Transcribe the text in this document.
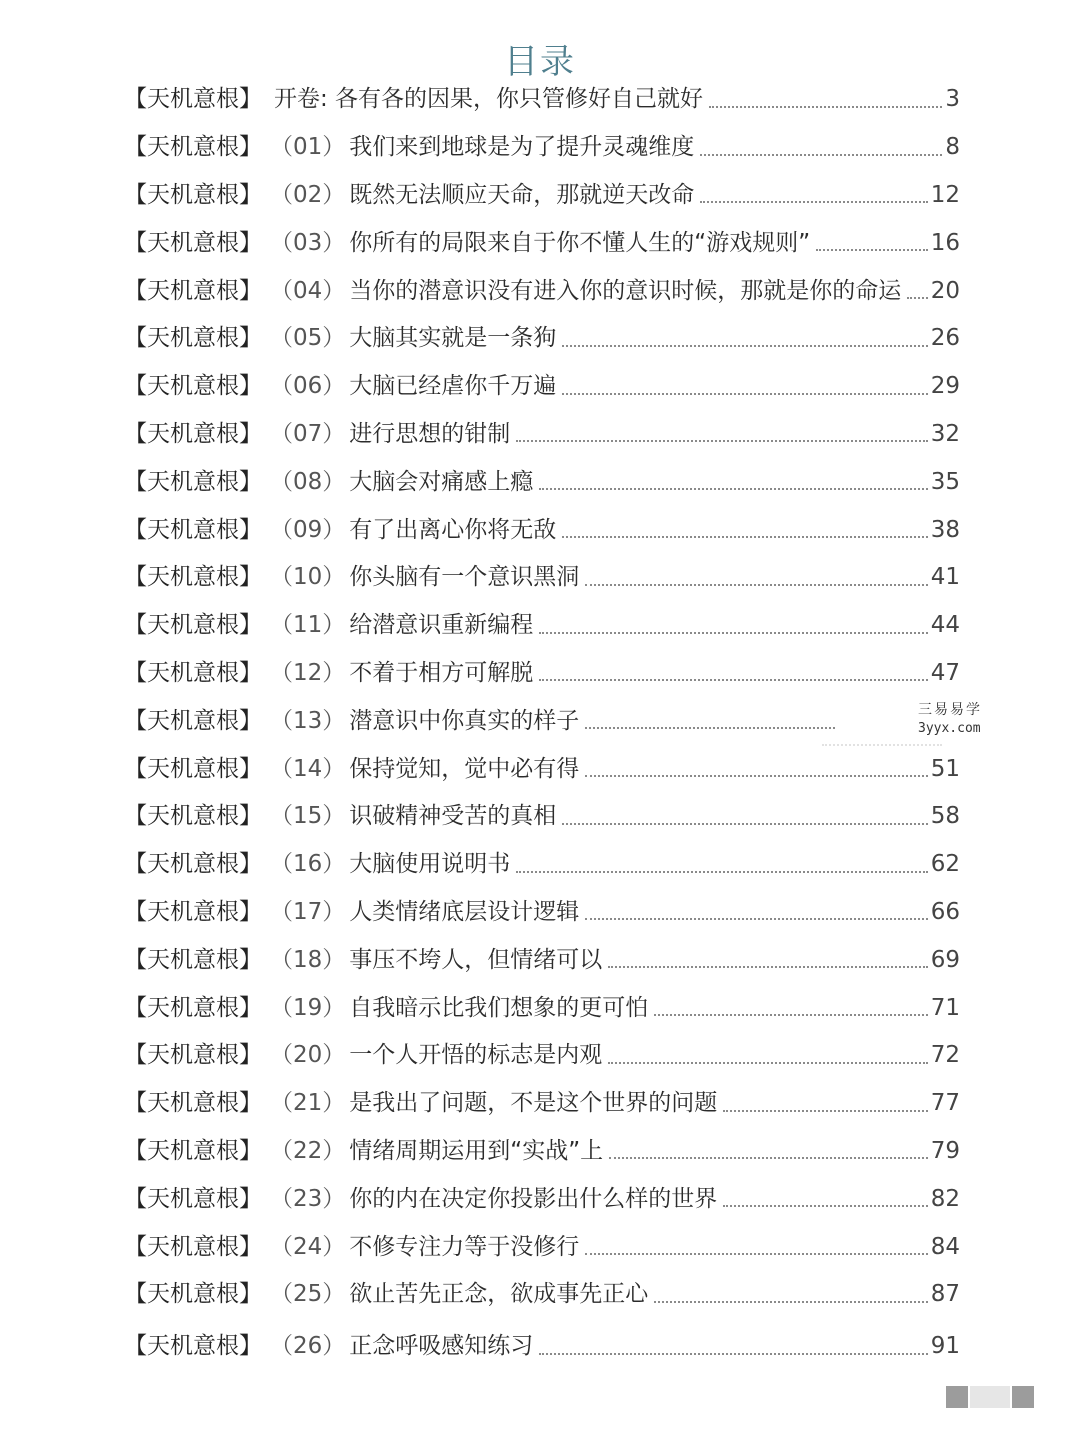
目录
【天机意根】 开卷: 各有各的因果，你只管修好自己就好	3
【天机意根】 （01） 我们来到地球是为了提升灵魂维度	8
【天机意根】 （02） 既然无法顺应天命，那就逆天改命	12
【天机意根】 （03） 你所有的局限来自于你不懂人生的“游戏规则”	16
【天机意根】 （04） 当你的潜意识没有进入你的意识时候，那就是你的命运 20
【天机意根】 （05） 大脑其实就是一条狗	26
【天机意根】 （06） 大脑已经虐你千万遍	29
【天机意根】 （07） 进行思想的钳制	32
【天机意根】 （08） 大脑会对痛感上瘾	35
【天机意根】 （09） 有了出离心你将无敌	38
【天机意根】 （10） 你头脑有一个意识黑洞	41
【天机意根】 （11） 给潜意识重新编程	44
【天机意根】 （12） 不着于相方可解脱	47
【天机意根】 （13） 潜意识中你真实的样子
【天机意根】 （14） 保持觉知，觉中必有得	51
【天机意根】 （15） 识破精神受苦的真相	58
【天机意根】 （16） 大脑使用说明书	62
【天机意根】 （17） 人类情绪底层设计逻辑	66
【天机意根】 （18） 事压不垮人，但情绪可以	69
【天机意根】 （19） 自我暗示比我们想象的更可怕	71
【天机意根】 （20） 一个人开悟的标志是内观	72
【天机意根】 （21） 是我出了问题，不是这个世界的问题	77
【天机意根】 （22） 情绪周期运用到“实战”上	79
【天机意根】 （23） 你的内在决定你投影出什么样的世界	82
【天机意根】 （24） 不修专注力等于没修行	84
【天机意根】 （25） 欲止苦先正念，欲成事先正心	87
【天机意根】 （26） 正念呼吸感知练习	91
三易易学
3yyx.com
